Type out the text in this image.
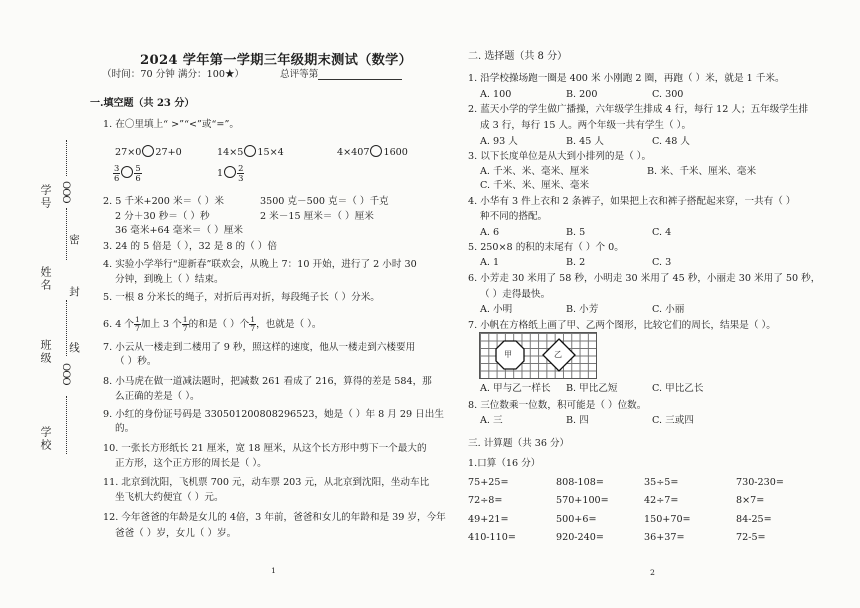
学校
OOO
班级 线
封
姓名
密
OOO
学号
2024 学年第一学期三年级期末测试（数学）
（时间：70 分钟 满分：100★）	总评等第
一.填空题（共 23 分）
1. 在〇里填上“ >”“<”或“=”。
27×0 27+0	14×5 15×4	4×407 1600
$\frac{3}{6} \frac{5}{6}$	$1 \frac{2}{3}$
2. 5 千米+200 米＝（ ）米	3500 克－500 克＝（ ）千克
2 分＋30 秒＝（ ）秒	2 米－15 厘米＝（ ）厘米
36 毫米+64 毫米＝（ ）厘米
3. 24 的 5 倍是（ ），32 是 8 的（ ）倍
4. 实验小学举行“迎新春”联欢会，从晚上 7：10 开始，进行了 2 小时 30
分钟，到晚上（ ）结束。
5. 一根 8 分米长的绳子，对折后再对折，每段绳子长（ ）分米。
6. 4 个 $\frac{1}{7}$ 加上 3 个 $\frac{1}{7}$ 的和是（ ）个 $\frac{1}{7}$ ，也就是（ ）。
7. 小云从一楼走到二楼用了 9 秒，照这样的速度，他从一楼走到六楼要用
（ ）秒。
8. 小马虎在做一道减法题时，把减数 261 看成了 216，算得的差是 584，那
么正确的差是（ ）。
9. 小红的身份证号码是 330501200808296523，她是（ ）年 8 月 29 日出生
的。
10. 一张长方形纸长 21 厘米，宽 18 厘米，从这个长方形中剪下一个最大的
正方形，这个正方形的周长是（ ）。
11. 北京到沈阳，飞机票 700 元，动车票 203 元，从北京到沈阳，坐动车比
坐飞机大约便宜（ ）元。
12. 今年爸爸的年龄是女儿的 4倍，3 年前，爸爸和女儿的年龄和是 39 岁，今年
爸爸（ ）岁，女儿（ ）岁。
1
二. 选择题（共 8 分）
1. 沿学校操场跑一圈是 400 米 小刚跑 2 圈，再跑（ ）米，就是 1 千米。
A. 100	B. 200	C. 300
2. 蓝天小学的学生做广播操，六年级学生排成 4 行，每行 12 人；五年级学生排
成 3 行，每行 15 人。两个年级一共有学生（ ）。
A. 93 人	B. 45 人	C. 48 人
3. 以下长度单位是从大到小排列的是（ ）。
A. 千米、米、毫米、厘米	B. 米、千米、厘米、毫米
C. 千米、米、厘米、毫米
4. 小华有 3 件上衣和 2 条裤子，如果把上衣和裤子搭配起来穿，一共有（ ）
种不同的搭配。
A. 6	B. 5	C. 4
5. 250×8 的积的末尾有（ ）个 0。
A. 1	B. 2	C. 3
6. 小芳走 30 米用了 58 秒，小明走 30 米用了 45 秒，小丽走 30 米用了 50 秒，
（ ）走得最快。
A. 小明	B. 小芳	C. 小丽
7. 小帆在方格纸上画了甲、乙两个图形，比较它们的周长，结果是（ ）。
甲	乙
A. 甲与乙一样长 B. 甲比乙短	C. 甲比乙长
8. 三位数乘一位数，积可能是（ ）位数。
A. 三	B. 四	C. 三或四
三. 计算题（共 36 分）
1.口算（16 分）
75+25=	808-108=	35÷5=	730-230=
72÷8=	570+100=	42÷7=	8×7=
49+21=	500+6=	150+70=	84-25=
410-110=	920-240=	36+37=	72-5=
2
